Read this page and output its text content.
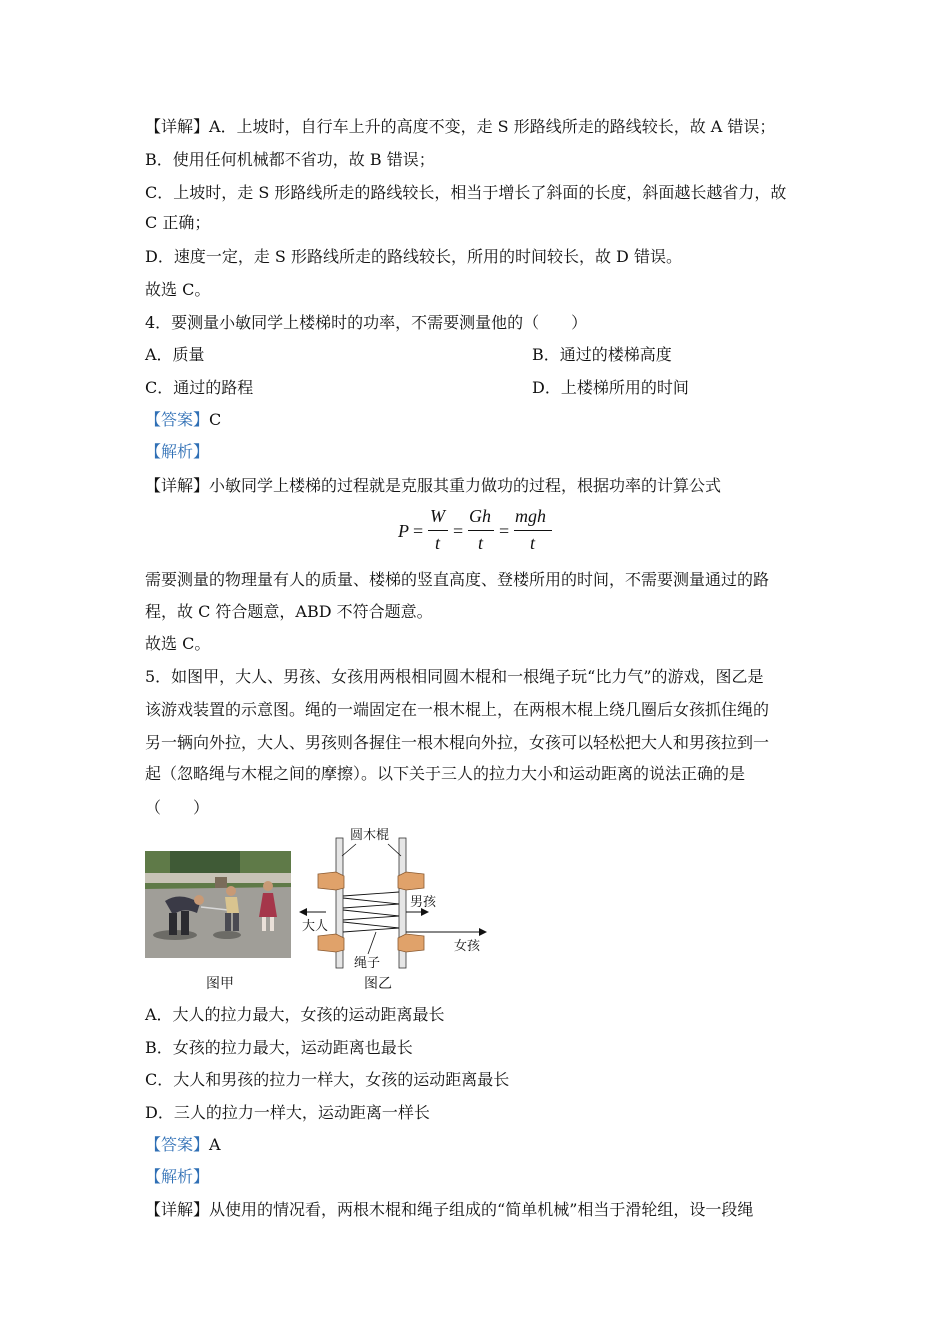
【详解】A．上坡时，自行车上升的高度不变，走 S 形路线所走的路线较长，故 A 错误；
B．使用任何机械都不省功，故 B 错误；
C．上坡时，走 S 形路线所走的路线较长，相当于增长了斜面的长度，斜面越长越省力，故
C 正确；
D．速度一定，走 S 形路线所走的路线较长，所用的时间较长，故 D 错误。
故选 C。
4．要测量小敏同学上楼梯时的功率，不需要测量他的（　　）
A．质量	B．通过的楼梯高度
C．通过的路程	D．上楼梯所用的时间
【答案】C
【解析】
【详解】小敏同学上楼梯的过程就是克服其重力做功的过程，根据功率的计算公式
P =
W
t
=
Gh
t
=
mgh
t
需要测量的物理量有人的质量、楼梯的竖直高度、登楼所用的时间，不需要测量通过的路
程，故 C 符合题意，ABD 不符合题意。
故选 C。
5．如图甲，大人、男孩、女孩用两根相同圆木棍和一根绳子玩“比力气”的游戏，图乙是
该游戏装置的示意图。绳的一端固定在一根木棍上，在两根木棍上绕几圈后女孩抓住绳的
另一辆向外拉，大人、男孩则各握住一根木棍向外拉，女孩可以轻松把大人和男孩拉到一
起（忽略绳与木棍之间的摩擦）。以下关于三人的拉力大小和运动距离的说法正确的是
（　　）
图甲
圆木棍
大人
男孩
女孩
绳子
图乙
A．大人的拉力最大，女孩的运动距离最长
B．女孩的拉力最大，运动距离也最长
C．大人和男孩的拉力一样大，女孩的运动距离最长
D．三人的拉力一样大，运动距离一样长
【答案】A
【解析】
【详解】从使用的情况看，两根木棍和绳子组成的“简单机械”相当于滑轮组，设一段绳
